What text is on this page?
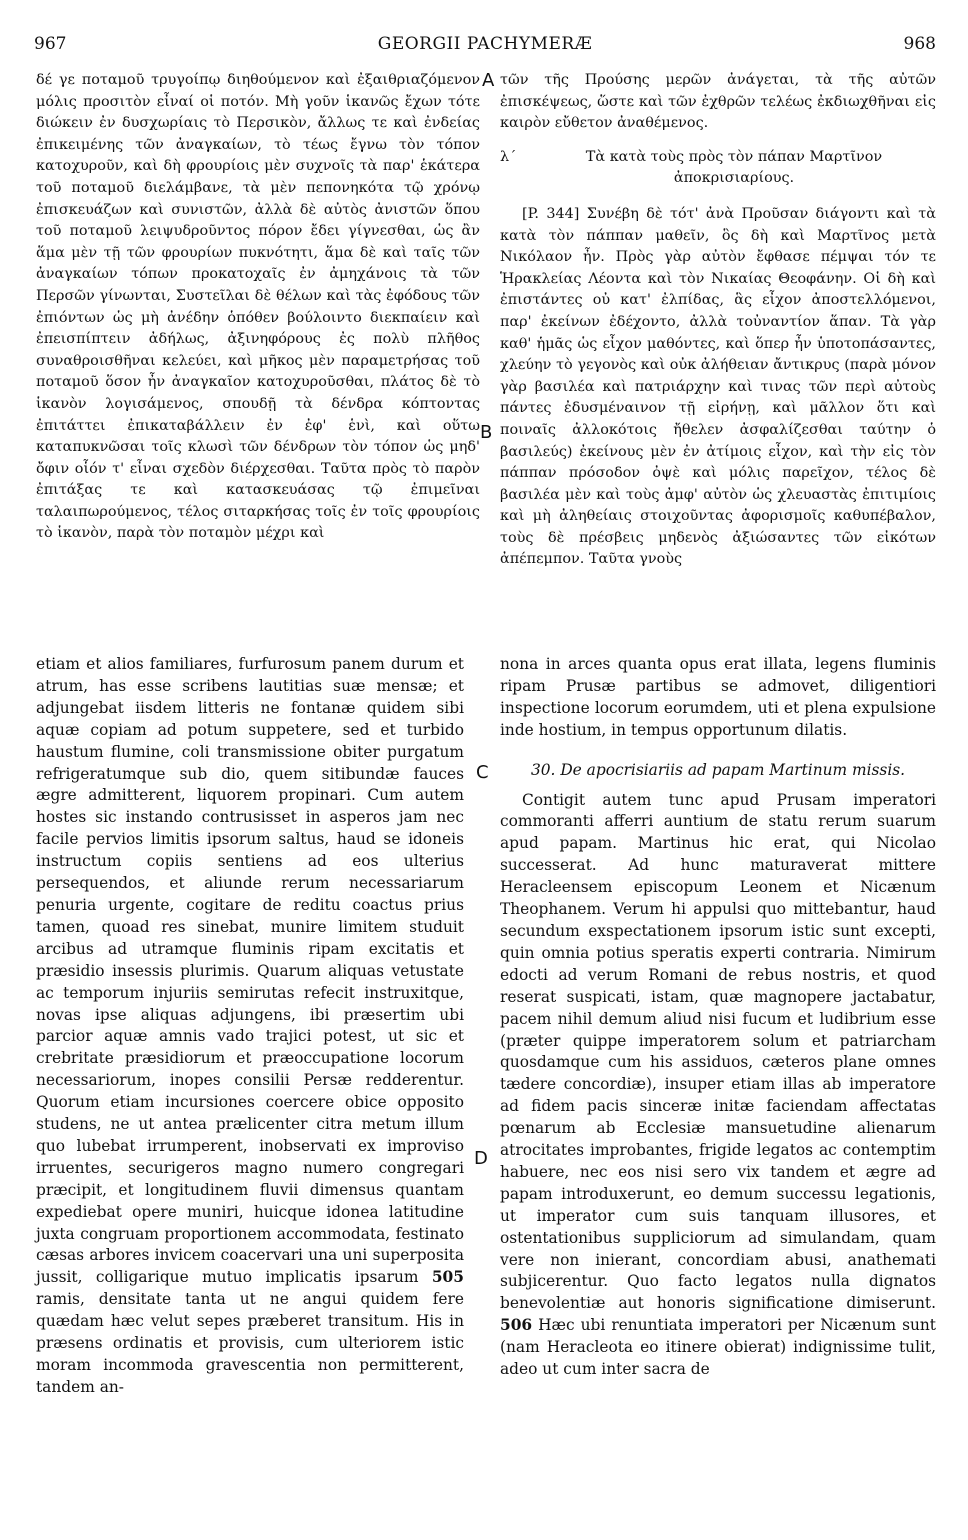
967	GEORGII PACHYMERÆ	968

δέ γε ποταμοῦ τρυγοίπῳ διηθούμενον καὶ ἐξαιθριαζόμενον μόλις προσιτὸν εἶναί οἱ ποτόν. Μὴ γοῦν ἱκανῶς ἔχων τότε διώκειν ἐν δυσχωρίαις τὸ Περσικὸν, ἄλλως τε καὶ ἐνδείας ἐπικειμένης τῶν ἀναγκαίων, τὸ τέως ἔγνω τὸν τόπον κατοχυροῦν, καὶ δὴ φρουρίοις μὲν συχνοῖς τὰ παρ' ἑκάτερα τοῦ ποταμοῦ διελάμβανε, τὰ μὲν πεπονηκότα τῷ χρόνῳ ἐπισκευάζων καὶ συνιστῶν, ἀλλὰ δὲ αὐτὸς ἀνιστῶν ὅπου τοῦ ποταμοῦ λειψυδροῦντος πόρον ἔδει γίγνεσθαι, ὡς ἂν ἅμα μὲν τῇ τῶν φρουρίων πυκνότητι, ἅμα δὲ καὶ ταῖς τῶν ἀναγκαίων τόπων προκατοχαῖς ἐν ἀμηχάνοις τὰ τῶν Περσῶν γίνωνται, Συστεῖλαι δὲ θέλων καὶ τὰς ἐφόδους τῶν ἐπιόντων ὡς μὴ ἀνέδην ὁπόθεν βούλοιντο διεκπαίειν καὶ ἐπεισπίπτειν ἀδήλως, ἀξινηφόρους ἐς πολὺ πλῆθος συναθροισθῆναι κελεύει, καὶ μῆκος μὲν παραμετρήσας τοῦ ποταμοῦ ὅσον ἦν ἀναγκαῖον κατοχυροῦσθαι, πλάτος δὲ τὸ ἱκανὸν λογισάμενος, σπουδῇ τὰ δένδρα κόπτοντας ἐπιτάττει ἐπικαταβάλλειν ἐν ἐφ' ἑνὶ, καὶ οὕτω καταπυκνῶσαι τοῖς κλωσὶ τῶν δένδρων τὸν τόπον ὡς μηδ' ὄφιν οἷόν τ' εἶναι σχεδὸν διέρχεσθαι. Ταῦτα πρὸς τὸ παρὸν ἐπιτάξας τε καὶ κατασκευάσας τῷ ἐπιμεῖναι ταλαιπωρούμενος, τέλος σιταρκήσας τοῖς ἐν τοῖς φρουρίοις τὸ ἱκανὸν, παρὰ τὸν ποταμὸν μέχρι καὶ

τῶν τῆς Προύσης μερῶν ἀνάγεται, τὰ τῆς αὐτῶν ἐπισκέψεως, ὥστε καὶ τῶν ἐχθρῶν τελέως ἐκδιωχθῆναι εἰς καιρὸν εὔθετον ἀναθέμενος.

λ΄	Τὰ κατὰ τοὺς πρὸς τὸν πάπαν Μαρτῖνον ἀποκρισιαρίους.

[P. 344] Συνέβη δὲ τότ' ἀνὰ Προῦσαν διάγοντι καὶ τὰ κατὰ τὸν πάππαν μαθεῖν, ὃς δὴ καὶ Μαρτῖνος μετὰ Νικόλαον ἦν. Πρὸς γὰρ αὐτὸν ἔφθασε πέμψαι τόν τε Ἡρακλείας Λέοντα καὶ τὸν Νικαίας Θεοφάνην. Οἱ δὴ καὶ ἐπιστάντες οὐ κατ' ἐλπίδας, ἃς εἶχον ἀποστελλόμενοι, παρ' ἐκείνων ἐδέχοντο, ἀλλὰ τοὐναντίον ἅπαν. Τὰ γὰρ καθ' ἡμᾶς ὡς εἶχον μαθόντες, καὶ ὅπερ ἦν ὑποτοπάσαντες, χλεύην τὸ γεγονὸς καὶ οὐκ ἀλήθειαν ἄντικρυς (παρὰ μόνον γὰρ βασιλέα καὶ πατριάρχην καὶ τινας τῶν περὶ αὐτοὺς πάντες ἐδυσμέναινον τῇ εἰρήνῃ, καὶ μᾶλλον ὅτι καὶ ποιναῖς ἀλλοκότοις ἤθελεν ἀσφαλίζεσθαι ταύτην ὁ βασιλεύς) ἐκείνους μὲν ἐν ἀτίμοις εἶχον, καὶ τὴν εἰς τὸν πάππαν πρόσοδον ὀψὲ καὶ μόλις παρεῖχον, τέλος δὲ βασιλέα μὲν καὶ τοὺς ἀμφ' αὐτὸν ὡς χλευαστὰς ἐπιτιμίοις καὶ μὴ ἀληθείαις στοιχοῦντας ἀφορισμοῖς καθυπέβαλον, τοὺς δὲ πρέσβεις μηδενὸς ἀξιώσαντες τῶν εἰκότων ἀπέπεμπον. Ταῦτα γνοὺς

etiam et alios familiares, furfurosum panem durum et atrum, has esse scribens lautitias suæ mensæ; et adjungebat iisdem litteris ne fontanæ quidem sibi aquæ copiam ad potum suppetere, sed et turbido haustum flumine, coli transmissione obiter purgatum refrigeratumque sub dio, quem sitibundæ fauces ægre admitterent, liquorem propinari. Cum autem hostes sic instando contrusisset in asperos jam nec facile pervios limitis ipsorum saltus, haud se idoneis instructum copiis sentiens ad eos ulterius persequendos, et aliunde rerum necessariarum penuria urgente, cogitare de reditu coactus prius tamen, quoad res sinebat, munire limitem studuit arcibus ad utramque fluminis ripam excitatis et præsidio insessis plurimis. Quarum aliquas vetustate ac temporum injuriis semirutas refecit instruxitque, novas ipse aliquas adjungens, ibi præsertim ubi parcior aquæ amnis vado trajici potest, ut sic et crebritate præsidiorum et præoccupatione locorum necessariorum, inopes consilii Persæ redderentur. Quorum etiam incursiones coercere obice opposito studens, ne ut antea prælicenter citra metum illum quo lubebat irrumperent, inobservati ex improviso irruentes, securigeros magno numero congregari præcipit, et longitudinem fluvii dimensus quantam expediebat opere muniri, huicque idonea latitudine juxta congruam proportionem accommodata, festinato cæsas arbores invicem coacervari una uni superposita jussit, colligarique mutuo implicatis ipsarum 505 ramis, densitate tanta ut ne angui quidem fere quædam hæc velut sepes præberet transitum. His in præsens ordinatis et provisis, cum ulteriorem istic moram incommoda gravescentia non permitterent, tandem an-

nona in arces quanta opus erat illata, legens fluminis ripam Prusæ partibus se admovet, diligentiori inspectione locorum eorumdem, uti et plena expulsione inde hostium, in tempus opportunum dilatis.

30. De apocrisiariis ad papam Martinum missis.

Contigit autem tunc apud Prusam imperatori commoranti afferri auntium de statu rerum suarum apud papam. Martinus hic erat, qui Nicolao successerat. Ad hunc maturaverat mittere Heracleensem episcopum Leonem et Nicænum Theophanem. Verum hi appulsi quo mittebantur, haud secundum exspectationem ipsorum istic sunt excepti, quin omnia potius speratis experti contraria. Nimirum edocti ad verum Romani de rebus nostris, et quod reserat suspicati, istam, quæ magnopere jactabatur, pacem nihil demum aliud nisi fucum et ludibrium esse (præter quippe imperatorem solum et patriarcham quosdamque cum his assiduos, cæteros plane omnes tædere concordiæ), insuper etiam illas ab imperatore ad fidem pacis sinceræ initæ faciendam affectatas pœnarum ab Ecclesiæ mansuetudine alienarum atrocitates improbantes, frigide legatos ac contemptim habuere, nec eos nisi sero vix tandem et ægre ad papam introduxerunt, eo demum successu legationis, ut imperator cum suis tanquam illusores, et ostentationibus suppliciorum ad simulandam, quam vere non inierant, concordiam abusi, anathemati subjicerentur. Quo facto legatos nulla dignatos benevolentiæ aut honoris significatione dimiserunt. 506 Hæc ubi renuntiata imperatori per Nicænum sunt (nam Heracleota eo itinere obierat) indignissime tulit, adeo ut cum inter sacra de

A
B
C
D
